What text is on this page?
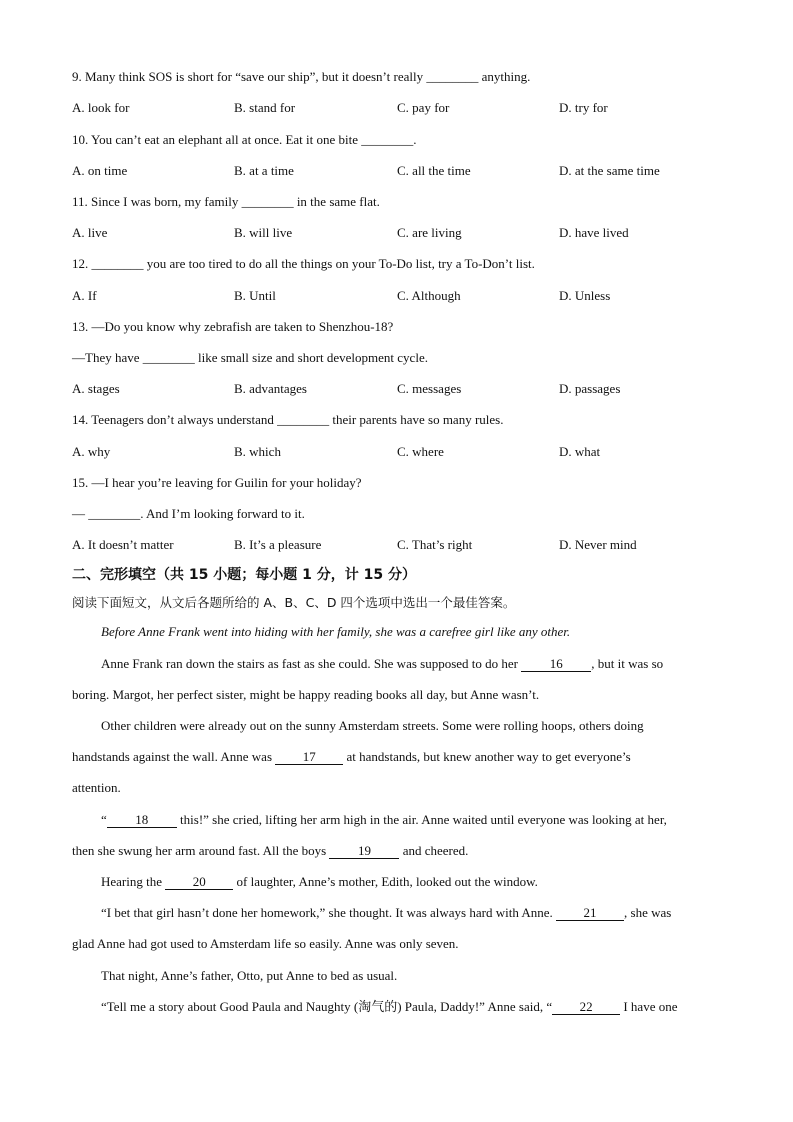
9. Many think SOS is short for “save our ship”, but it doesn’t really ________ anything.
A. look for	B. stand for	C. pay for	D. try for
10. You can’t eat an elephant all at once. Eat it one bite ________.
A. on time	B. at a time	C. all the time	D. at the same time
11. Since I was born, my family ________ in the same flat.
A. live	B. will live	C. are living	D. have lived
12. ________ you are too tired to do all the things on your To-Do list, try a To-Don’t list.
A. If	B. Until	C. Although	D. Unless
13. —Do you know why zebrafish are taken to Shenzhou-18?
—They have ________ like small size and short development cycle.
A. stages	B. advantages	C. messages	D. passages
14. Teenagers don’t always understand ________ their parents have so many rules.
A. why	B. which	C. where	D. what
15. —I hear you’re leaving for Guilin for your holiday?
— ________. And I’m looking forward to it.
A. It doesn’t matter	B. It’s a pleasure	C. That’s right	D. Never mind
二、完形填空（共 15 小题；每小题 1 分，计 15 分）
阅读下面短文，从文后各题所给的 A、B、C、D 四个选项中选出一个最佳答案。
Before Anne Frank went into hiding with her family, she was a carefree girl like any other.
Anne Frank ran down the stairs as fast as she could. She was supposed to do her 16 , but it was so
boring. Margot, her perfect sister, might be happy reading books all day, but Anne wasn’t.
Other children were already out on the sunny Amsterdam streets. Some were rolling hoops, others doing
handstands against the wall. Anne was 17 at handstands, but knew another way to get everyone’s
attention.
“ 18 this!” she cried, lifting her arm high in the air. Anne waited until everyone was looking at her,
then she swung her arm around fast. All the boys 19 and cheered.
Hearing the 20 of laughter, Anne’s mother, Edith, looked out the window.
“I bet that girl hasn’t done her homework,” she thought. It was always hard with Anne. 21 , she was
glad Anne had got used to Amsterdam life so easily. Anne was only seven.
That night, Anne’s father, Otto, put Anne to bed as usual.
“Tell me a story about Good Paula and Naughty (淘气的) Paula, Daddy!” Anne said, “ 22 I have one
